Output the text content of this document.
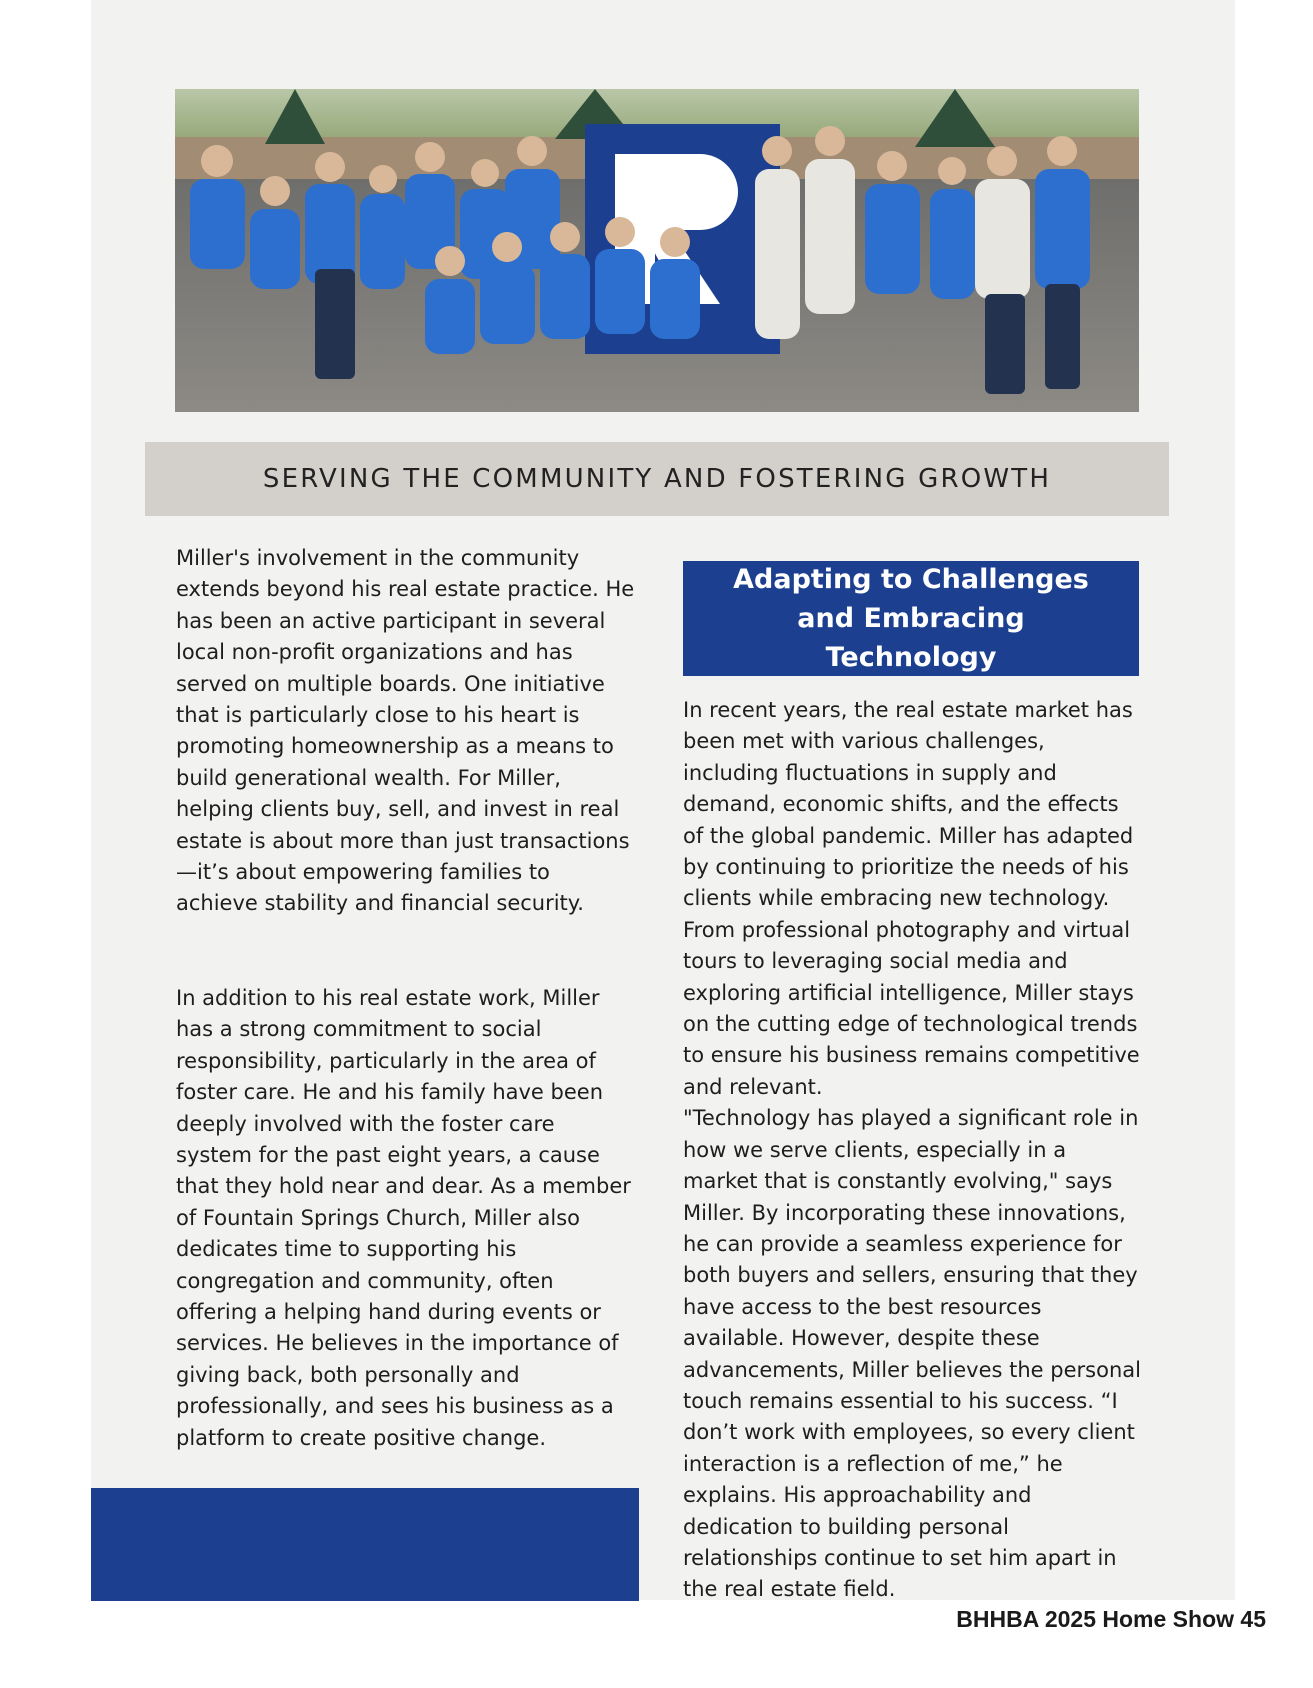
SERVING THE COMMUNITY AND FOSTERING GROWTH

Miller's involvement in the community extends beyond his real estate practice. He has been an active participant in several local non-profit organizations and has served on multiple boards. One initiative that is particularly close to his heart is promoting homeownership as a means to build generational wealth. For Miller, helping clients buy, sell, and invest in real estate is about more than just transactions—it’s about empowering families to achieve stability and financial security.

In addition to his real estate work, Miller has a strong commitment to social responsibility, particularly in the area of foster care. He and his family have been deeply involved with the foster care system for the past eight years, a cause that they hold near and dear. As a member of Fountain Springs Church, Miller also dedicates time to supporting his congregation and community, often offering a helping hand during events or services. He believes in the importance of giving back, both personally and professionally, and sees his business as a platform to create positive change.

Adapting to Challenges and Embracing Technology

In recent years, the real estate market has been met with various challenges, including fluctuations in supply and demand, economic shifts, and the effects of the global pandemic. Miller has adapted by continuing to prioritize the needs of his clients while embracing new technology. From professional photography and virtual tours to leveraging social media and exploring artificial intelligence, Miller stays on the cutting edge of technological trends to ensure his business remains competitive and relevant.

"Technology has played a significant role in how we serve clients, especially in a market that is constantly evolving," says Miller. By incorporating these innovations, he can provide a seamless experience for both buyers and sellers, ensuring that they have access to the best resources available. However, despite these advancements, Miller believes the personal touch remains essential to his success. “I don’t work with employees, so every client interaction is a reflection of me,” he explains. His approachability and dedication to building personal relationships continue to set him apart in the real estate field.

BHHBA 2025 Home Show 45
